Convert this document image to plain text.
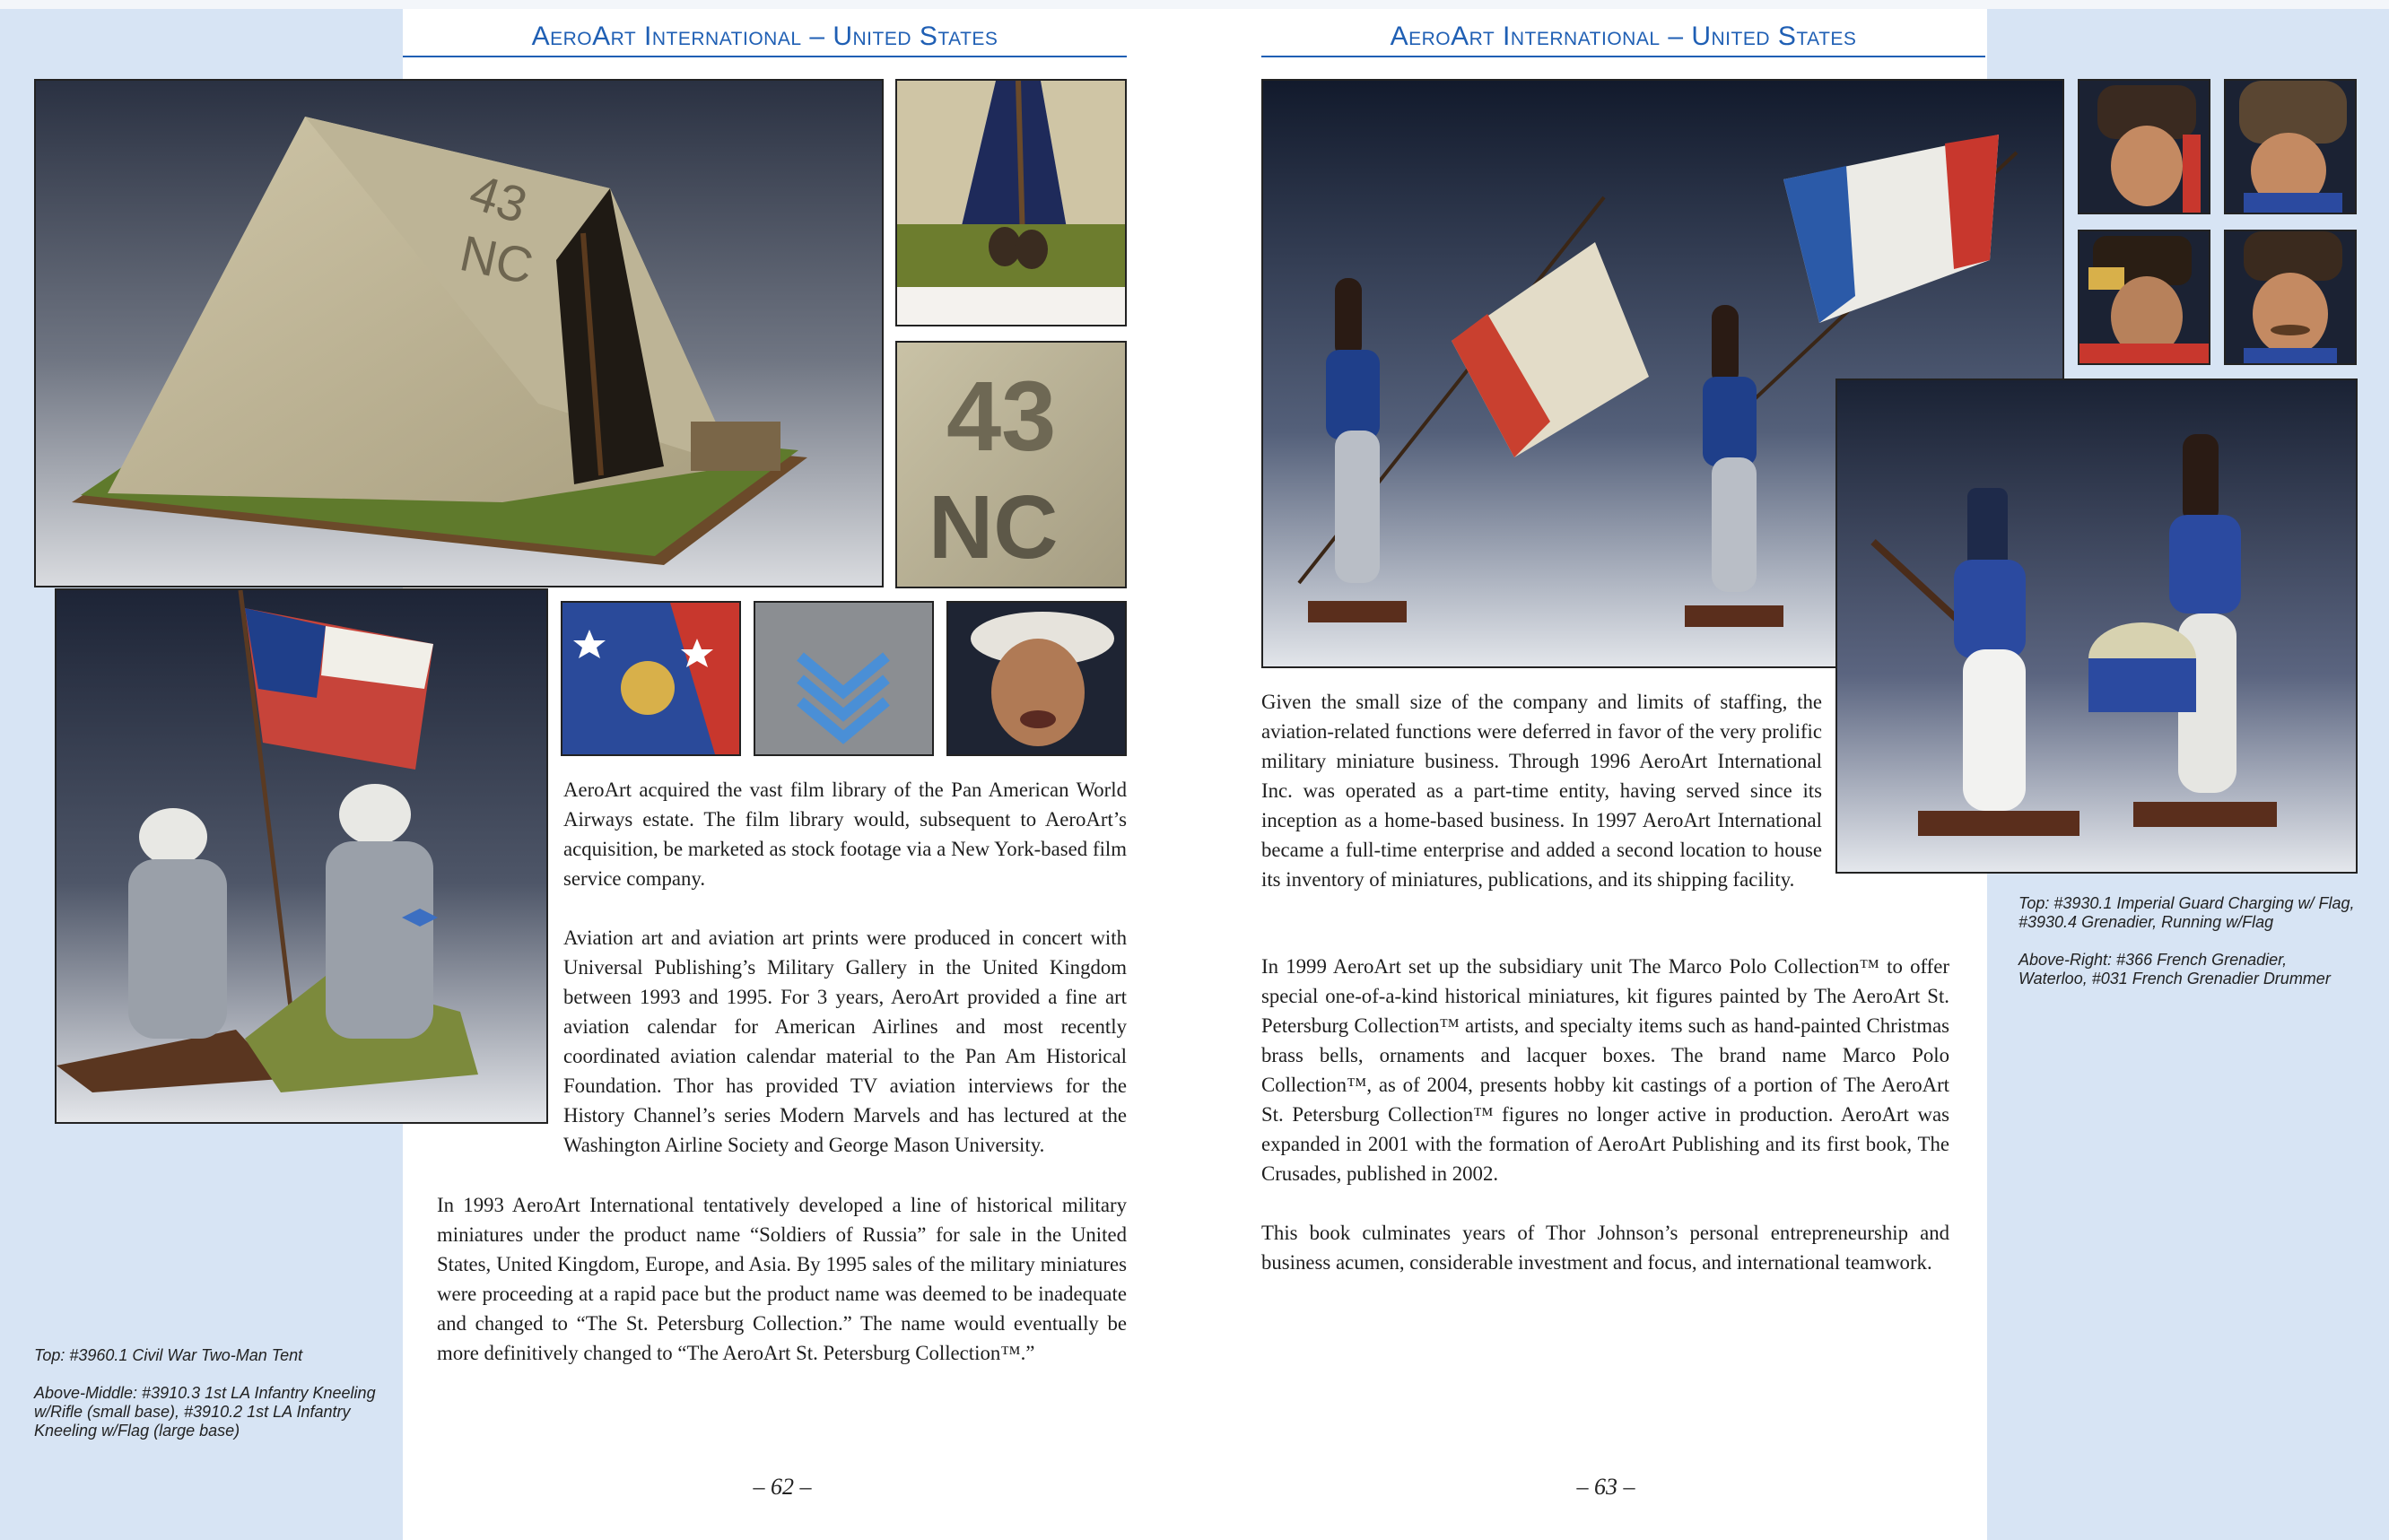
AeroArt International – United States	AeroArt International – United States
43
NC
43
NC

AeroArt acquired the vast film library of the Pan American World Airways estate. The film library would, subsequent to AeroArt’s acquisition, be marketed as stock footage via a New York-based film service company.

Aviation art and aviation art prints were produced in concert with Universal Publishing’s Military Gallery in the United Kingdom between 1993 and 1995. For 3 years, AeroArt provided a fine art aviation calendar for American Airlines and most recently coordinated aviation calendar material to the Pan Am Historical Foundation. Thor has provided TV aviation interviews for the History Channel’s series Modern Marvels and has lectured at the Washington Airline Society and George Mason University.

In 1993 AeroArt International tentatively developed a line of historical military miniatures under the product name “Soldiers of Russia” for sale in the United States, United Kingdom, Europe, and Asia. By 1995 sales of the military miniatures were proceeding at a rapid pace but the product name was deemed to be inadequate and changed to “The St. Petersburg Collection.” The name would eventually be more definitively changed to “The AeroArt St. Petersburg Collection™.”

Top: #3960.1 Civil War Two-Man Tent

Above-Middle: #3910.3 1st LA Infantry Kneeling w/Rifle (small base), #3910.2 1st LA Infantry Kneeling w/Flag (large base)

– 62 –

Given the small size of the company and limits of staffing, the aviation-related functions were deferred in favor of the very prolific military miniature business. Through 1996 AeroArt International Inc. was operated as a part-time entity, having served since its inception as a home-based business. In 1997 AeroArt International became a full-time enterprise and added a second location to house its inventory of miniatures, publications, and its shipping facility.

In 1999 AeroArt set up the subsidiary unit The Marco Polo Collection™ to offer special one-of-a-kind historical miniatures, kit figures painted by The AeroArt St. Petersburg Collection™ artists, and specialty items such as hand-painted Christmas brass bells, ornaments and lacquer boxes. The brand name Marco Polo Collection™, as of 2004, presents hobby kit castings of a portion of The AeroArt St. Petersburg Collection™ figures no longer active in production. AeroArt was expanded in 2001 with the formation of AeroArt Publishing and its first book, The Crusades, published in 2002.

This book culminates years of Thor Johnson’s personal entrepreneurship and business acumen, considerable investment and focus, and international teamwork.

Top: #3930.1 Imperial Guard Charging w/ Flag, #3930.4 Grenadier, Running w/Flag

Above-Right: #366 French Grenadier, Waterloo, #031 French Grenadier Drummer

– 63 –
